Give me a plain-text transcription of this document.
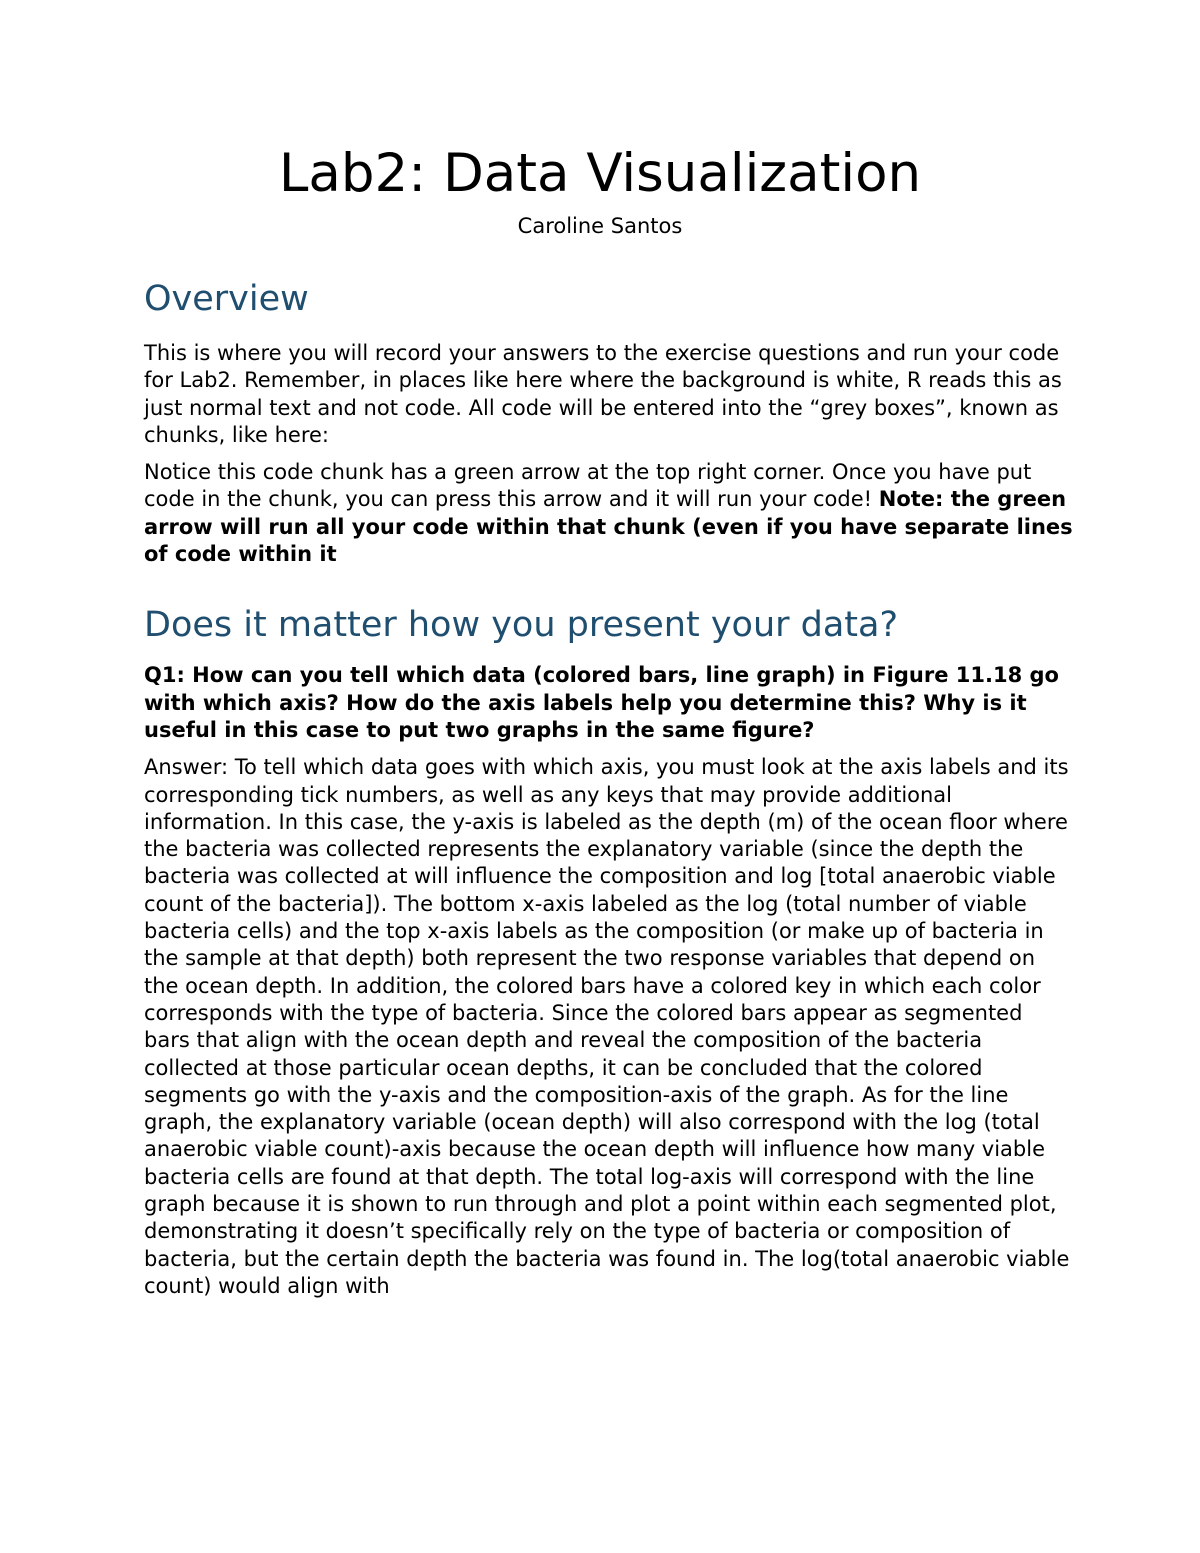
Lab2: Data Visualization
Caroline Santos
Overview

This is where you will record your answers to the exercise questions and run your code for Lab2. Remember, in places like here where the background is white, R reads this as just normal text and not code. All code will be entered into the “grey boxes”, known as chunks, like here:

Notice this code chunk has a green arrow at the top right corner. Once you have put code in the chunk, you can press this arrow and it will run your code! Note: the green arrow will run all your code within that chunk (even if you have separate lines of code within it

Does it matter how you present your data?

Q1: How can you tell which data (colored bars, line graph) in Figure 11.18 go with which axis? How do the axis labels help you determine this? Why is it useful in this case to put two graphs in the same figure?

Answer: To tell which data goes with which axis, you must look at the axis labels and its corresponding tick numbers, as well as any keys that may provide additional information. In this case, the y-axis is labeled as the depth (m) of the ocean floor where the bacteria was collected represents the explanatory variable (since the depth the bacteria was collected at will influence the composition and log [total anaerobic viable count of the bacteria]). The bottom x-axis labeled as the log (total number of viable bacteria cells) and the top x-axis labels as the composition (or make up of bacteria in the sample at that depth) both represent the two response variables that depend on the ocean depth. In addition, the colored bars have a colored key in which each color corresponds with the type of bacteria. Since the colored bars appear as segmented bars that align with the ocean depth and reveal the composition of the bacteria collected at those particular ocean depths, it can be concluded that the colored segments go with the y-axis and the composition-axis of the graph. As for the line graph, the explanatory variable (ocean depth) will also correspond with the log (total anaerobic viable count)-axis because the ocean depth will influence how many viable bacteria cells are found at that depth. The total log-axis will correspond with the line graph because it is shown to run through and plot a point within each segmented plot, demonstrating it doesn’t specifically rely on the type of bacteria or composition of bacteria, but the certain depth the bacteria was found in. The log(total anaerobic viable count) would align with
